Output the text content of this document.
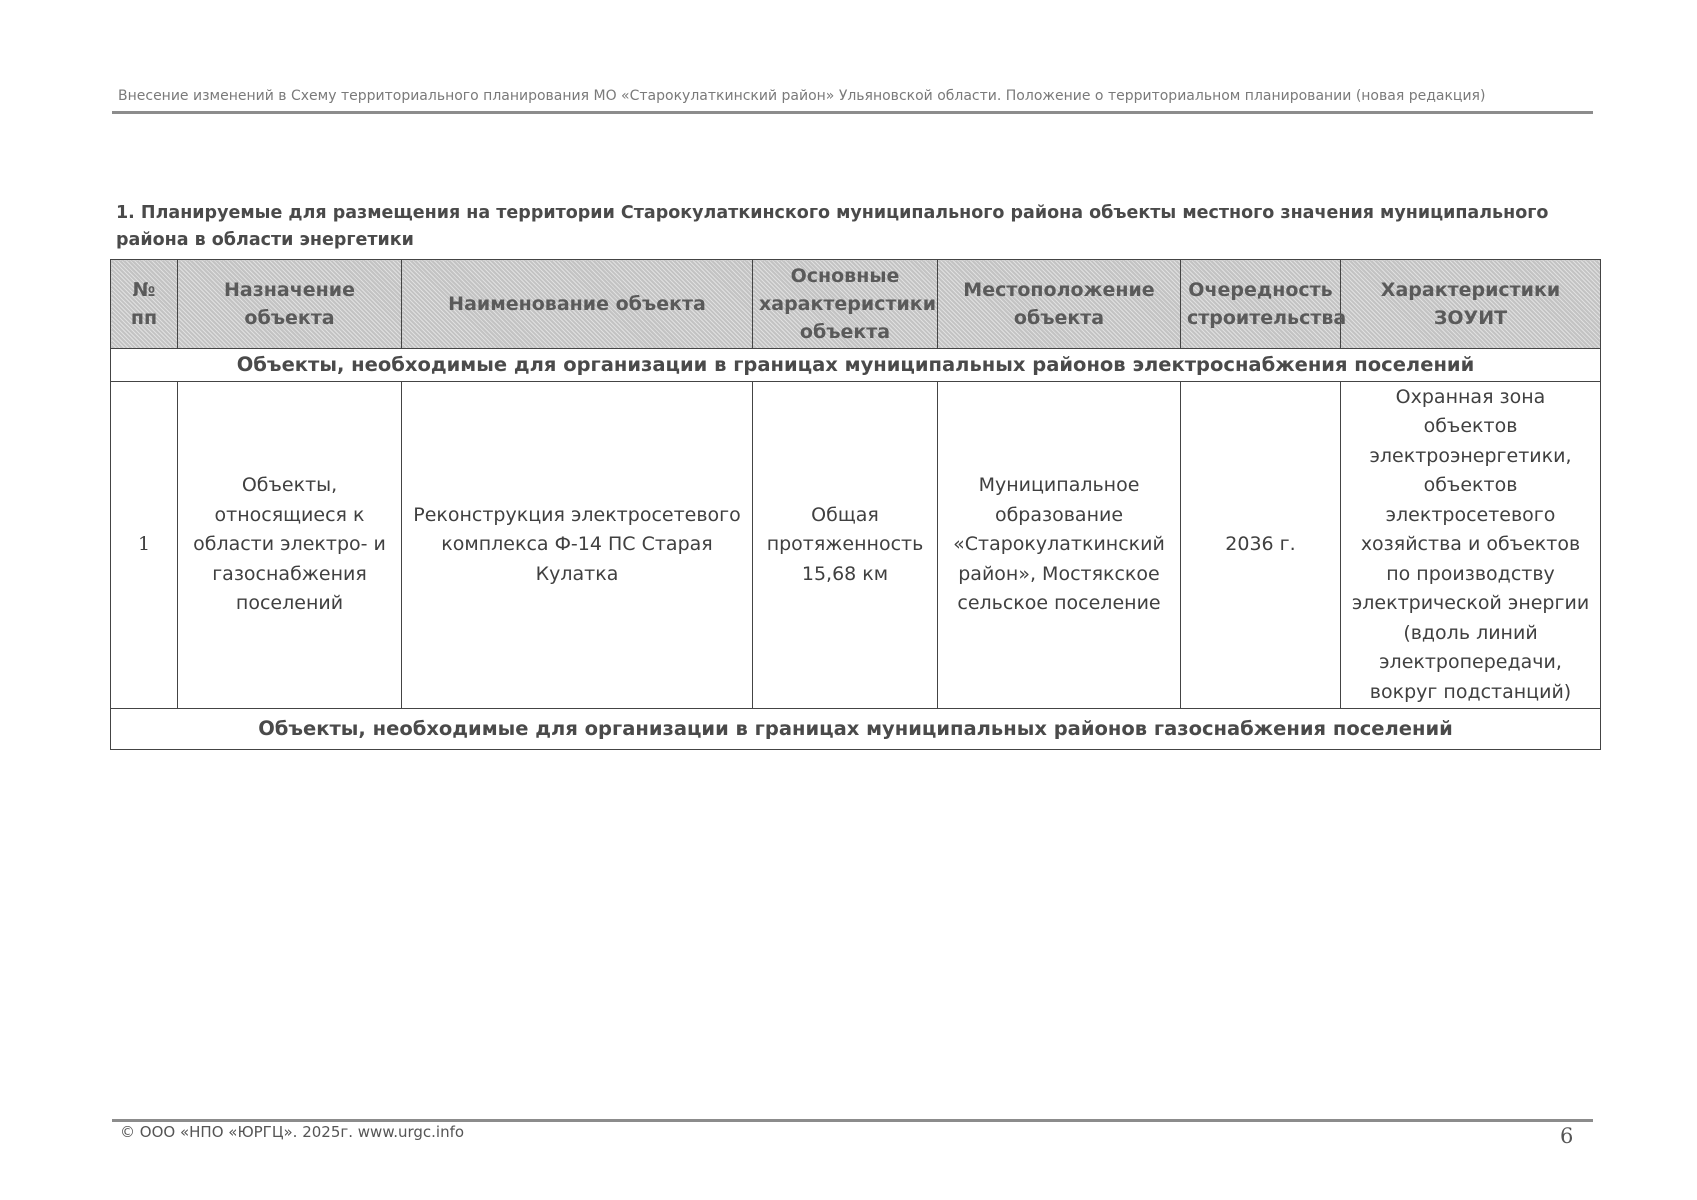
Внесение изменений в Схему территориального планирования МО «Старокулаткинский район» Ульяновской области. Положение о территориальном планировании (новая редакция)
1. Планируемые для размещения на территории Старокулаткинского муниципального района объекты местного значения муниципального района в области энергетики
№ пп	Назначение объекта	Наименование объекта	Основные характеристики объекта	Местоположение объекта	Очередность строительства	Характеристики ЗОУИТ
Объекты, необходимые для организации в границах муниципальных районов электроснабжения поселений						
1	Объекты, относящиеся к области электро- и газоснабжения поселений	Реконструкция электросетевого комплекса Ф-14 ПС Старая Кулатка	Общая протяженность 15,68 км	Муниципальное образование «Старокулаткинский район», Мостякское сельское поселение	2036 г.	Охранная зона объектов электроэнергетики, объектов электросетевого хозяйства и объектов по производству электрической энергии (вдоль линий электропередачи, вокруг подстанций)
Объекты, необходимые для организации в границах муниципальных районов газоснабжения поселений						
© ООО «НПО «ЮРГЦ». 2025г. www.urgc.info	6
